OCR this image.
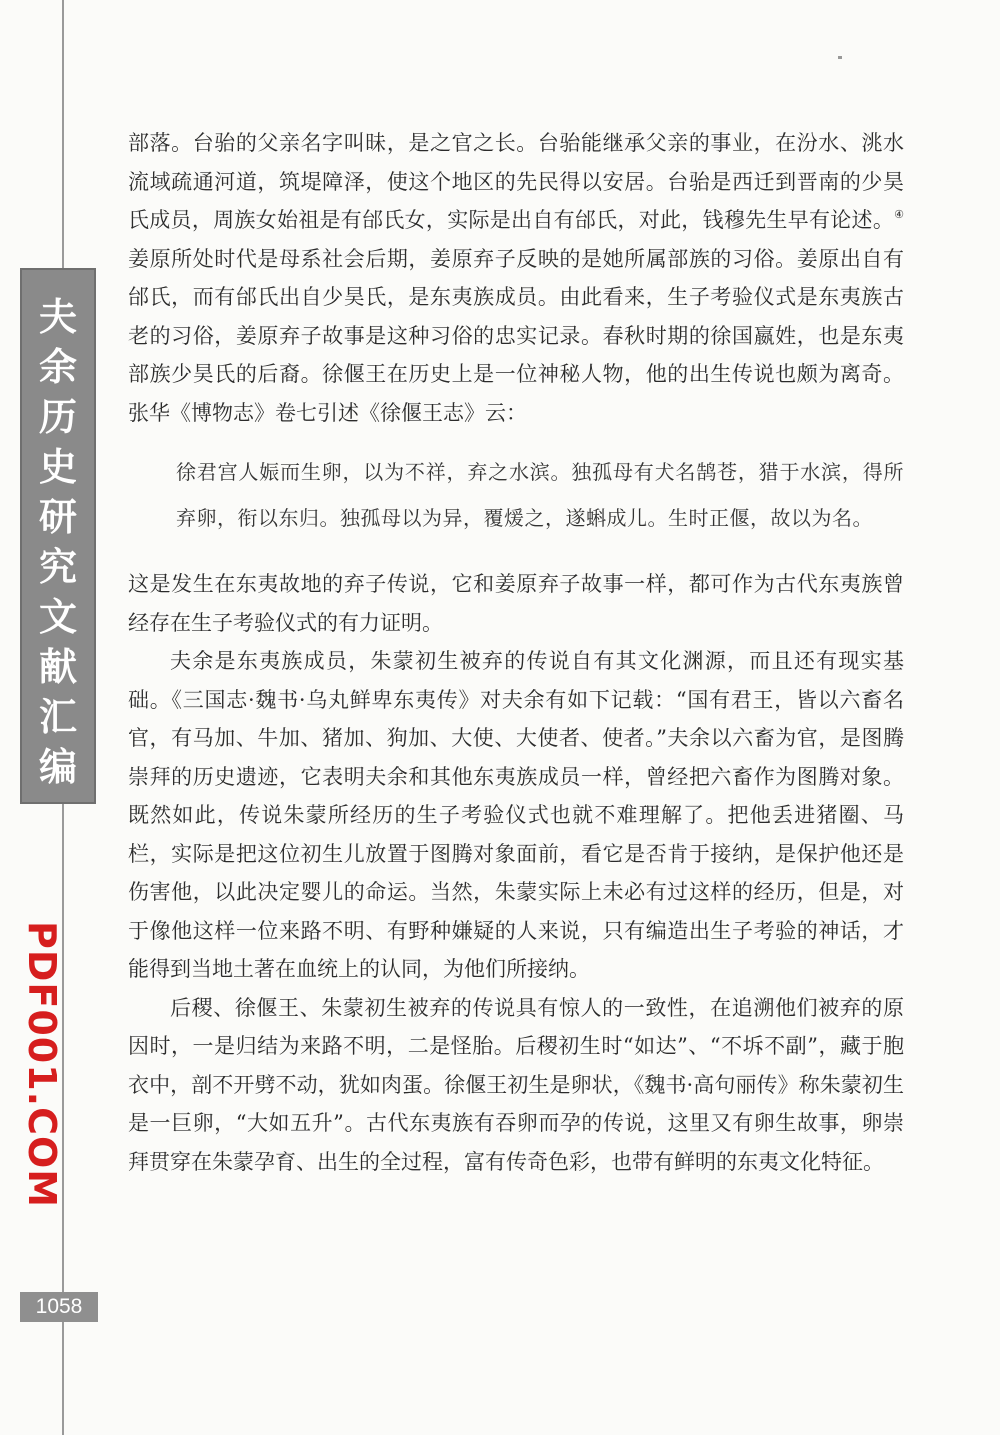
夫
余
历
史
研
究
文
献
汇
编
PDF001.COM
1058

部落。台骀的父亲名字叫昧，是之官之长。台骀能继承父亲的事业，在汾水、洮水流域疏通河道，筑堤障泽，使这个地区的先民得以安居。台骀是西迁到晋南的少昊氏成员，周族女始祖是有邰氏女，实际是出自有邰氏，对此，钱穆先生早有论述。④姜原所处时代是母系社会后期，姜原弃子反映的是她所属部族的习俗。姜原出自有邰氏，而有邰氏出自少昊氏，是东夷族成员。由此看来，生子考验仪式是东夷族古老的习俗，姜原弃子故事是这种习俗的忠实记录。春秋时期的徐国嬴姓，也是东夷部族少昊氏的后裔。徐偃王在历史上是一位神秘人物，他的出生传说也颇为离奇。张华《博物志》卷七引述《徐偃王志》云：

徐君宫人娠而生卵，以为不祥，弃之水滨。独孤母有犬名鹄苍，猎于水滨，得所弃卵，衔以东归。独孤母以为异，覆煖之，遂蝌成儿。生时正偃，故以为名。

这是发生在东夷故地的弃子传说，它和姜原弃子故事一样，都可作为古代东夷族曾经存在生子考验仪式的有力证明。

夫余是东夷族成员，朱蒙初生被弃的传说自有其文化渊源，而且还有现实基础。《三国志·魏书·乌丸鲜卑东夷传》对夫余有如下记载：“国有君王，皆以六畜名官，有马加、牛加、猪加、狗加、大使、大使者、使者。”夫余以六畜为官，是图腾崇拜的历史遗迹，它表明夫余和其他东夷族成员一样，曾经把六畜作为图腾对象。既然如此，传说朱蒙所经历的生子考验仪式也就不难理解了。把他丢进猪圈、马栏，实际是把这位初生儿放置于图腾对象面前，看它是否肯于接纳，是保护他还是伤害他，以此决定婴儿的命运。当然，朱蒙实际上未必有过这样的经历，但是，对于像他这样一位来路不明、有野种嫌疑的人来说，只有编造出生子考验的神话，才能得到当地土著在血统上的认同，为他们所接纳。

后稷、徐偃王、朱蒙初生被弃的传说具有惊人的一致性，在追溯他们被弃的原因时，一是归结为来路不明，二是怪胎。后稷初生时“如达”、“不坼不副”，藏于胞衣中，剖不开劈不动，犹如肉蛋。徐偃王初生是卵状，《魏书·高句丽传》称朱蒙初生是一巨卵，“大如五升”。古代东夷族有吞卵而孕的传说，这里又有卵生故事，卵崇拜贯穿在朱蒙孕育、出生的全过程，富有传奇色彩，也带有鲜明的东夷文化特征。
